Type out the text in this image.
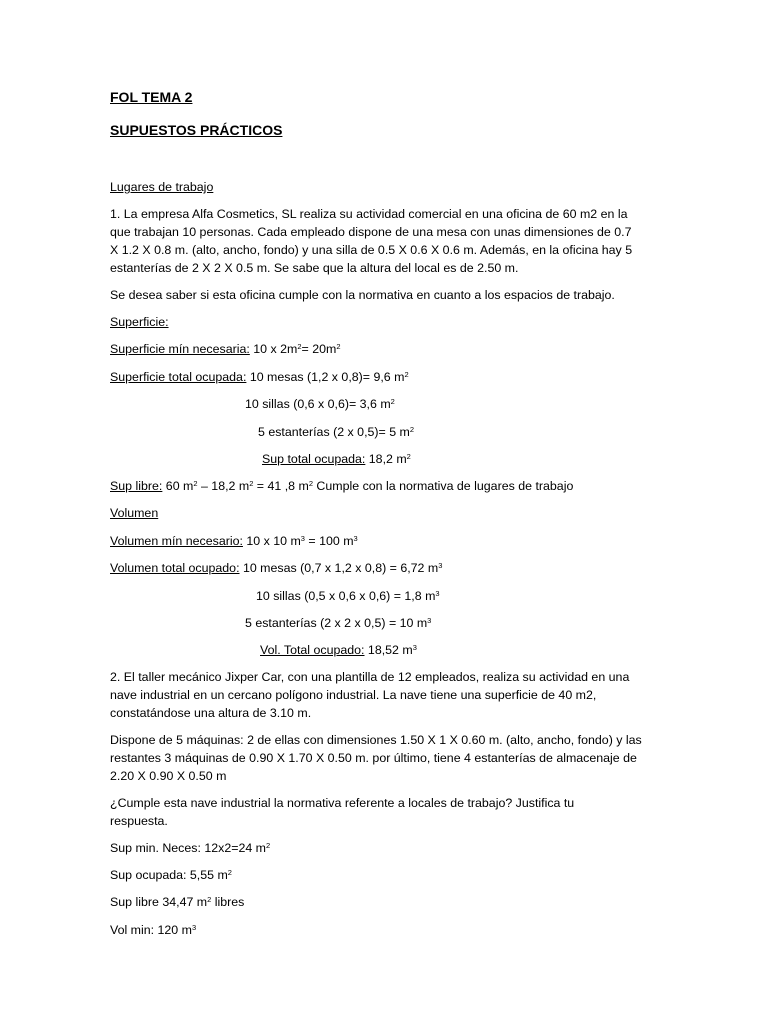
FOL TEMA 2
SUPUESTOS PRÁCTICOS
Lugares de trabajo
1. La empresa Alfa Cosmetics, SL realiza su actividad comercial en una oficina de 60 m2 en la
que trabajan 10 personas. Cada empleado dispone de una mesa con unas dimensiones de 0.7
X 1.2 X 0.8 m. (alto, ancho, fondo) y una silla de 0.5 X 0.6 X 0.6 m. Además, en la oficina hay 5
estanterías de 2 X 2 X 0.5 m. Se sabe que la altura del local es de 2.50 m.
Se desea saber si esta oficina cumple con la normativa en cuanto a los espacios de trabajo.
Superficie:
Superficie mín necesaria: 10 x $2m^2= 20m^2$
Superficie total ocupada: 10 mesas (1,2 x 0,8)= 9,6 $m^2$
10 sillas (0,6 x 0,6)= 3,6 $m^2$
5 estanterías (2 x 0,5)= 5 $m^2$
Sup total ocupada: 18,2 $m^2$
Sup libre: 60 $m^2 - 18,2$ $m^2 = 41$ ,8 $m^2$ Cumple con la normativa de lugares de trabajo
Volumen
Volumen mín necesario: 10 x 10 $m^3 = 100$ $m^3$
Volumen total ocupado: 10 mesas (0,7 x 1,2 x 0,8) = 6,72 $m^3$
10 sillas (0,5 x 0,6 x 0,6) = 1,8 $m^3$
5 estanterías (2 x 2 x 0,5) = 10 $m^3$
Vol. Total ocupado: 18,52 $m^3$
2. El taller mecánico Jixper Car, con una plantilla de 12 empleados, realiza su actividad en una
nave industrial en un cercano polígono industrial. La nave tiene una superficie de 40 m2,
constatándose una altura de 3.10 m.
Dispone de 5 máquinas: 2 de ellas con dimensiones 1.50 X 1 X 0.60 m. (alto, ancho, fondo) y las
restantes 3 máquinas de 0.90 X 1.70 X 0.50 m. por último, tiene 4 estanterías de almacenaje de
2.20 X 0.90 X 0.50 m
¿Cumple esta nave industrial la normativa referente a locales de trabajo? Justifica tu
respuesta.
Sup min. Neces: 12x2=24 $m^2$
Sup ocupada: 5,55 $m^2$
Sup libre 34,47 $m^2$ libres
Vol min: 120 $m^3$
